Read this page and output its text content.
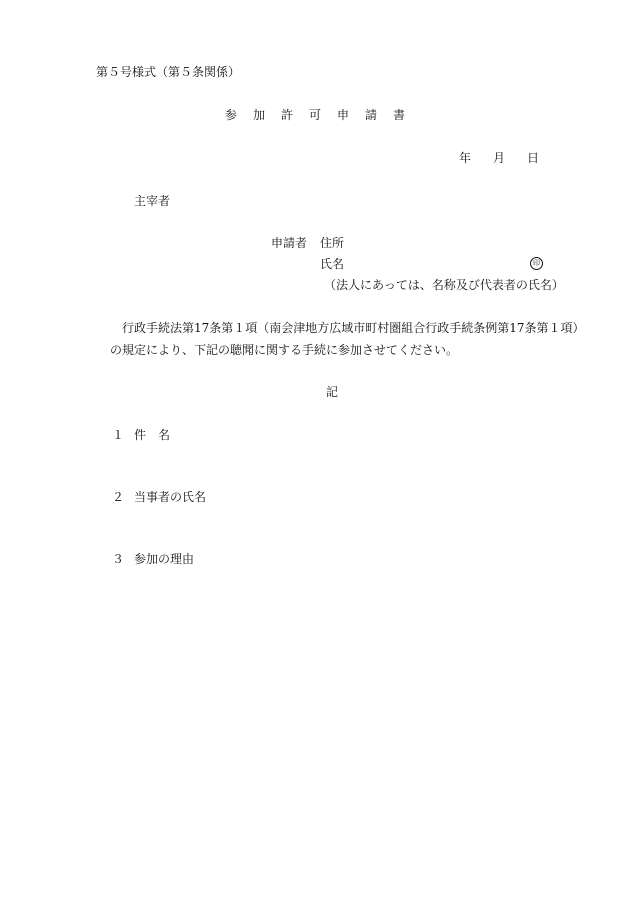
第５号様式（第５条関係）
参 加 許 可 申 請 書
年 月 日
主宰者
申請者 住所
氏名	印
（法人にあっては、名称及び代表者の氏名）
行政手続法第17条第１項（南会津地方広域市町村圏組合行政手続条例第17条第１項）
の規定により、下記の聴聞に関する手続に参加させてください。
記
１ 件 名
２ 当事者の氏名
３ 参加の理由
